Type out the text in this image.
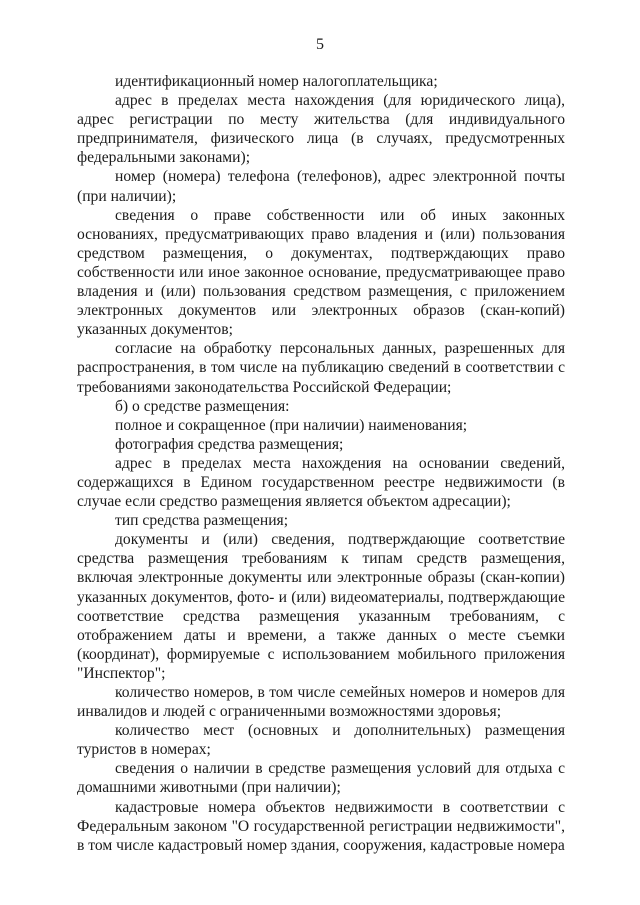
5

идентификационный номер налогоплательщика;

адрес в пределах места нахождения (для юридического лица), адрес регистрации по месту жительства (для индивидуального предпринимателя, физического лица (в случаях, предусмотренных федеральными законами);

номер (номера) телефона (телефонов), адрес электронной почты (при наличии);

сведения о праве собственности или об иных законных основаниях, предусматривающих право владения и (или) пользования средством размещения, о документах, подтверждающих право собственности или иное законное основание, предусматривающее право владения и (или) пользования средством размещения, с приложением электронных документов или электронных образов (скан-копий) указанных документов;

согласие на обработку персональных данных, разрешенных для распространения, в том числе на публикацию сведений в соответствии с требованиями законодательства Российской Федерации;

б) о средстве размещения:

полное и сокращенное (при наличии) наименования;

фотография средства размещения;

адрес в пределах места нахождения на основании сведений, содержащихся в Едином государственном реестре недвижимости (в случае если средство размещения является объектом адресации);

тип средства размещения;

документы и (или) сведения, подтверждающие соответствие средства размещения требованиям к типам средств размещения, включая электронные документы или электронные образы (скан-копии) указанных документов, фото- и (или) видеоматериалы, подтверждающие соответствие средства размещения указанным требованиям, с отображением даты и времени, а также данных о месте съемки (координат), формируемые с использованием мобильного приложения "Инспектор";

количество номеров, в том числе семейных номеров и номеров для инвалидов и людей с ограниченными возможностями здоровья;

количество мест (основных и дополнительных) размещения туристов в номерах;

сведения о наличии в средстве размещения условий для отдыха с домашними животными (при наличии);

кадастровые номера объектов недвижимости в соответствии с Федеральным законом "О государственной регистрации недвижимости", в том числе кадастровый номер здания, сооружения, кадастровые номера
